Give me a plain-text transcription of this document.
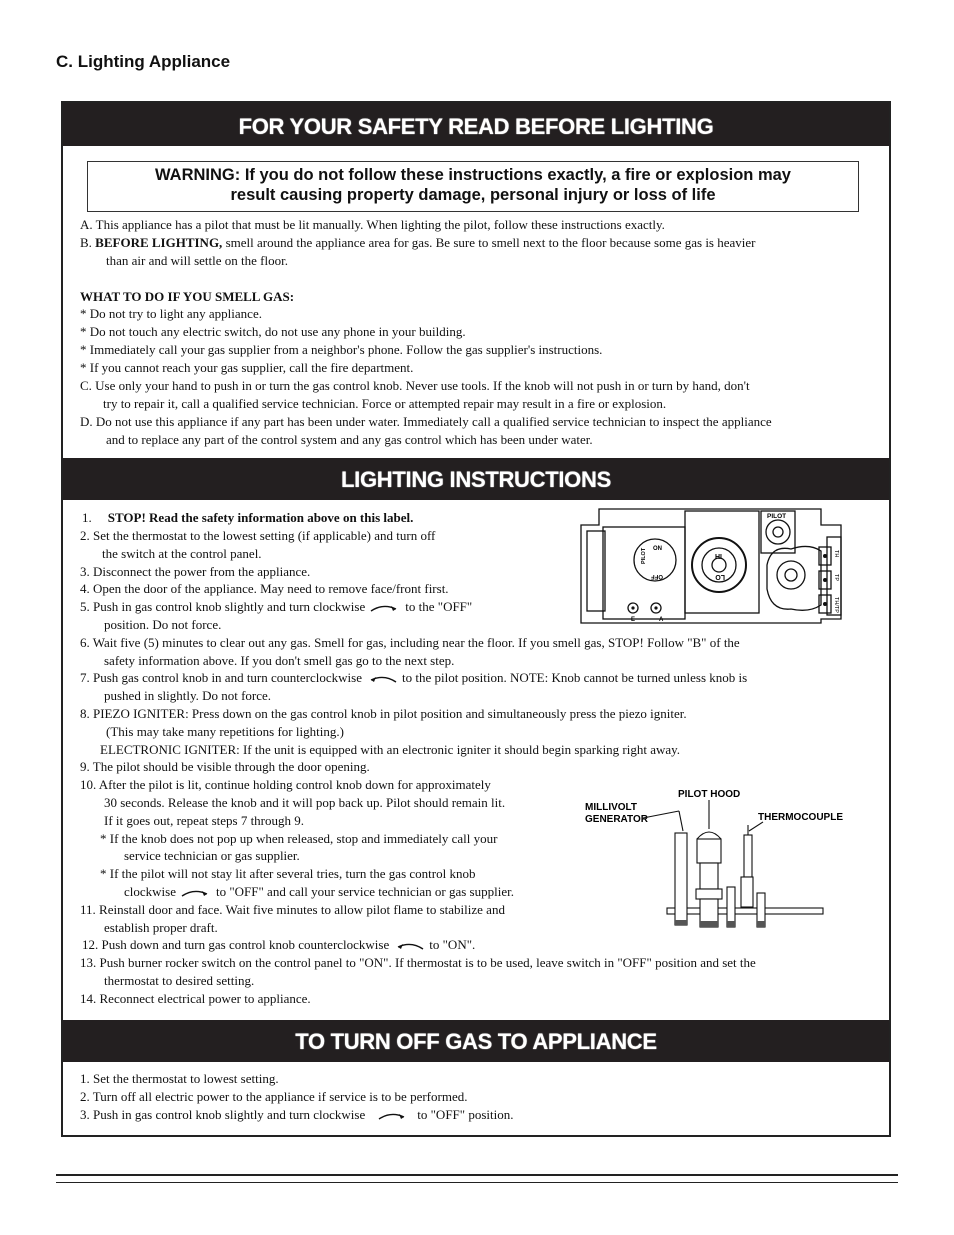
C. Lighting Appliance
FOR YOUR SAFETY READ BEFORE LIGHTING
WARNING: If you do not follow these instructions exactly, a fire or explosion may
result causing property damage, personal injury or loss of life
A. This appliance has a pilot that must be lit manually. When lighting the pilot, follow these instructions exactly.
B. BEFORE LIGHTING, smell around the appliance area for gas. Be sure to smell next to the floor because some gas is heavier
than air and will settle on the floor.
WHAT TO DO IF YOU SMELL GAS:
* Do not try to light any appliance.
* Do not touch any electric switch, do not use any phone in your building.
* Immediately call your gas supplier from a neighbor's phone. Follow the gas supplier's instructions.
* If you cannot reach your gas supplier, call the fire department.
C. Use only your hand to push in or turn the gas control knob. Never use tools. If the knob will not push in or turn by hand, don't
try to repair it, call a qualified service technician. Force or attempted repair may result in a fire or explosion.
D. Do not use this appliance if any part has been under water. Immediately call a qualified service technician to inspect the appliance
and to replace any part of the control system and any gas control which has been under water.
LIGHTING INSTRUCTIONS
1. STOP! Read the safety information above on this label.
2. Set the thermostat to the lowest setting (if applicable) and turn off
the switch at the control panel.
3. Disconnect the power from the appliance.
4. Open the door of the appliance. May need to remove face/front first.
5. Push in gas control knob slightly and turn clockwise	to the "OFF"
position. Do not force.
6. Wait five (5) minutes to clear out any gas. Smell for gas, including near the floor. If you smell gas, STOP! Follow "B" of the
safety information above. If you don't smell gas go to the next step.
7. Push gas control knob in and turn counterclockwise	to the pilot position. NOTE: Knob cannot be turned unless knob is
pushed in slightly. Do not force.
8. PIEZO IGNITER: Press down on the gas control knob in pilot position and simultaneously press the piezo igniter.
(This may take many repetitions for lighting.)
ELECTRONIC IGNITER: If the unit is equipped with an electronic igniter it should begin sparking right away.
9. The pilot should be visible through the door opening.
10. After the pilot is lit, continue holding control knob down for approximately
30 seconds. Release the knob and it will pop back up. Pilot should remain lit.
If it goes out, repeat steps 7 through 9.
* If the knob does not pop up when released, stop and immediately call your
service technician or gas supplier.
* If the pilot will not stay lit after several tries, turn the gas control knob
clockwise	to "OFF" and call your service technician or gas supplier.
11. Reinstall door and face. Wait five minutes to allow pilot flame to stabilize and
establish proper draft.
12. Push down and turn gas control knob counterclockwise	to "ON".
13. Push burner rocker switch on the control panel to "ON". If thermostat is to be used, leave switch in "OFF" position and set the
thermostat to desired setting.
14. Reconnect electrical power to appliance.
PILOT
ON
PILOT
OFF
HI
LO
E	A
TH
TP
TH/TP
PILOT HOOD
MILLIVOLT
GENERATOR	THERMOCOUPLE
TO TURN OFF GAS TO APPLIANCE
1. Set the thermostat to lowest setting.
2. Turn off all electric power to the appliance if service is to be performed.
3. Push in gas control knob slightly and turn clockwise	to "OFF" position.
